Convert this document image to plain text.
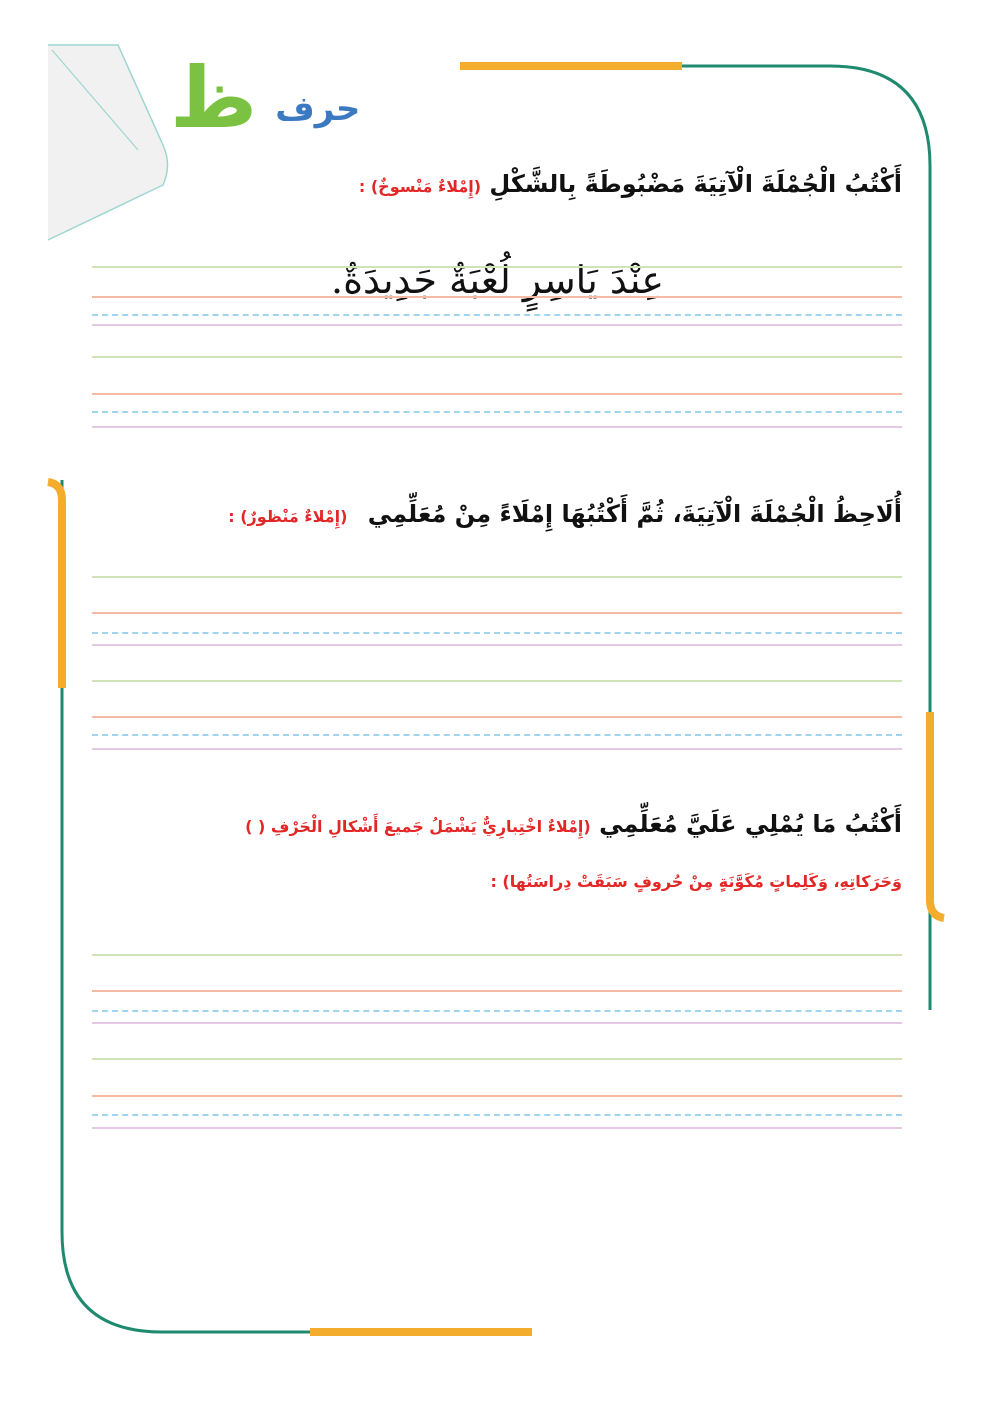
حرف
ظ
أَكْتُبُ الْجُمْلَةَ الْآتِيَةَ مَضْبُوطَةً بِالشَّكْلِ (إِمْلاءٌ مَنْسوخٌ) :
عِنْدَ يَاسِرٍ لُعْبَةٌ جَدِيدَةٌ.
أُلَاحِظُ الْجُمْلَةَ الْآتِيَةَ، ثُمَّ أَكْتُبُهَا إِمْلَاءً مِنْ مُعَلِّمِي (إِمْلاءٌ مَنْظورٌ) :
أَكْتُبُ مَا يُمْلِي عَلَيَّ مُعَلِّمِي (إِمْلاءٌ اخْتِبارِيٌّ يَشْمَلُ جَميعَ أَشْكالِ الْحَرْفِ ( )
وَحَرَكاتِهِ، وَكَلِماتٍ مُكَوَّنَةٍ مِنْ حُروفٍ سَبَقَتْ دِراسَتُها) :
